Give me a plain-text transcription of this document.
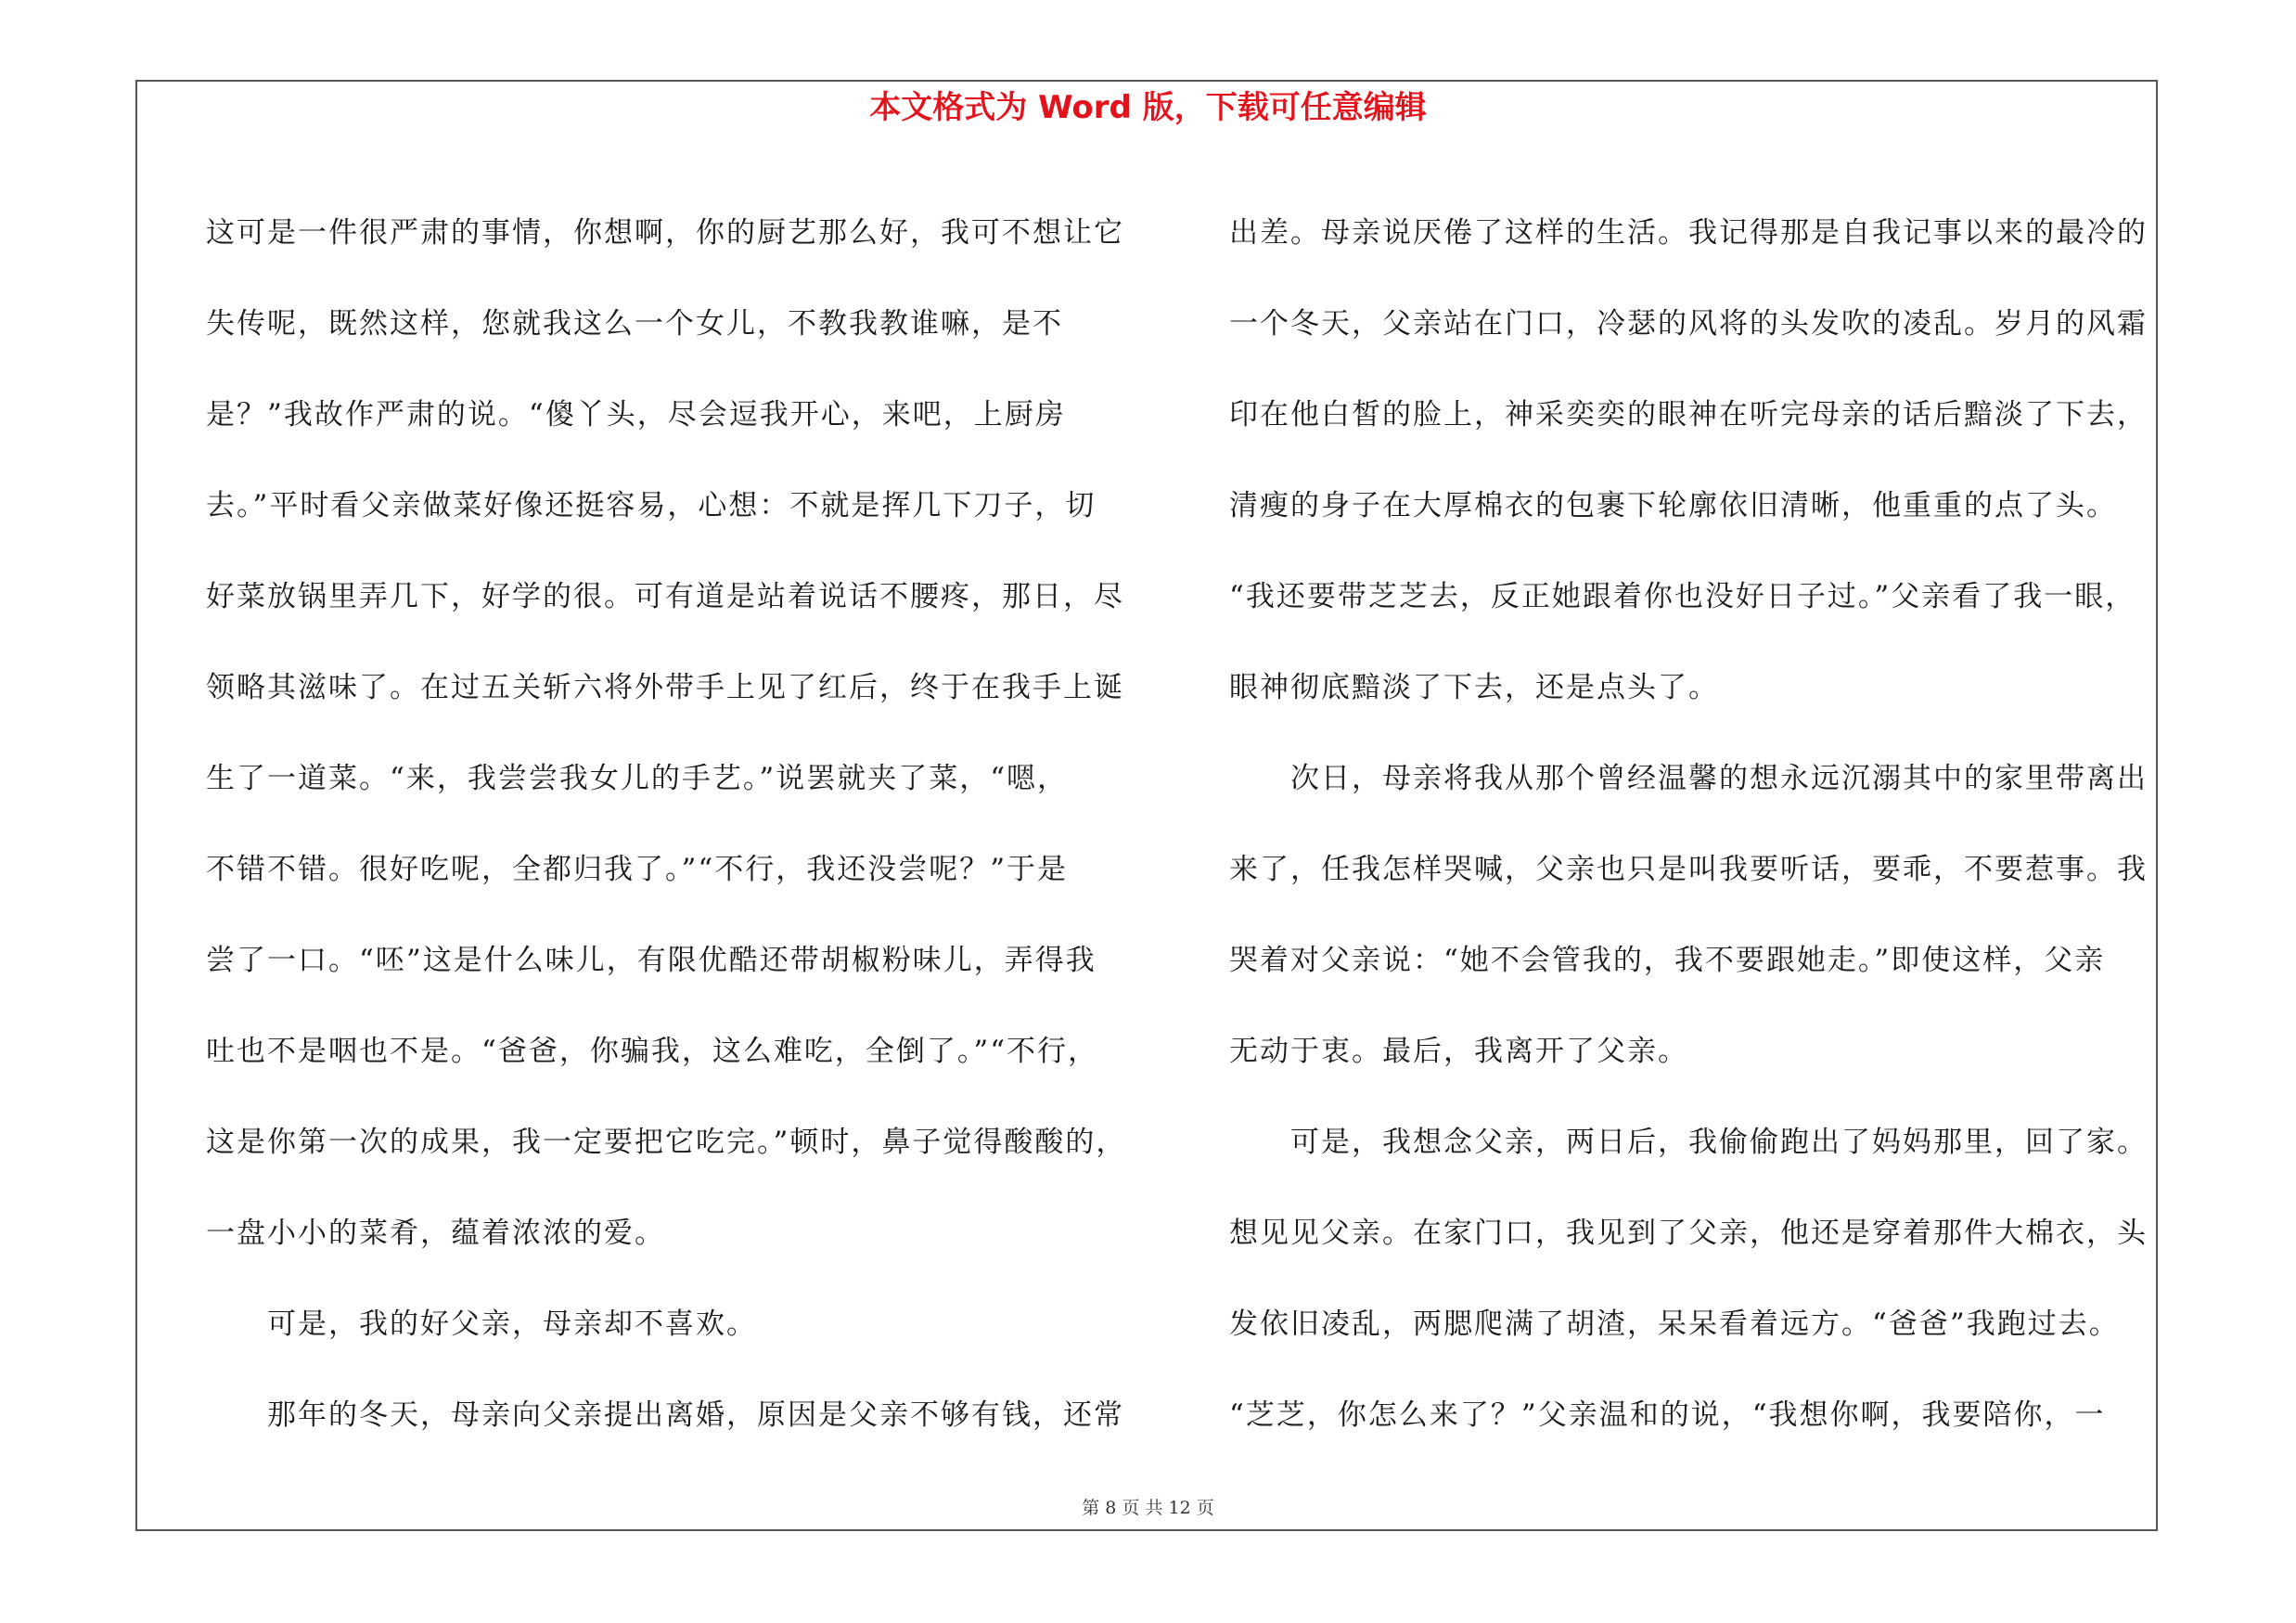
本文格式为 Word 版，下载可任意编辑
这可是一件很严肃的事情，你想啊，你的厨艺那么好，我可不想让它
失传呢，既然这样，您就我这么一个女儿，不教我教谁嘛，是不
是？”我故作严肃的说。“傻丫头，尽会逗我开心，来吧，上厨房
去。”平时看父亲做菜好像还挺容易，心想：不就是挥几下刀子，切
好菜放锅里弄几下，好学的很。可有道是站着说话不腰疼，那日，尽
领略其滋味了。在过五关斩六将外带手上见了红后，终于在我手上诞
生了一道菜。“来，我尝尝我女儿的手艺。”说罢就夹了菜，“嗯，
不错不错。很好吃呢，全都归我了。”“不行，我还没尝呢？”于是
尝了一口。“呸”这是什么味儿，有限优酷还带胡椒粉味儿，弄得我
吐也不是咽也不是。“爸爸，你骗我，这么难吃，全倒了。”“不行，
这是你第一次的成果，我一定要把它吃完。”顿时，鼻子觉得酸酸的，
一盘小小的菜肴，蕴着浓浓的爱。
　　可是，我的好父亲，母亲却不喜欢。
　　那年的冬天，母亲向父亲提出离婚，原因是父亲不够有钱，还常
出差。母亲说厌倦了这样的生活。我记得那是自我记事以来的最冷的
一个冬天，父亲站在门口，冷瑟的风将的头发吹的凌乱。岁月的风霜
印在他白皙的脸上，神采奕奕的眼神在听完母亲的话后黯淡了下去，
清瘦的身子在大厚棉衣的包裹下轮廓依旧清晰，他重重的点了头。
“我还要带芝芝去，反正她跟着你也没好日子过。”父亲看了我一眼，
眼神彻底黯淡了下去，还是点头了。
　　次日，母亲将我从那个曾经温馨的想永远沉溺其中的家里带离出
来了，任我怎样哭喊，父亲也只是叫我要听话，要乖，不要惹事。我
哭着对父亲说：“她不会管我的，我不要跟她走。”即使这样，父亲
无动于衷。最后，我离开了父亲。
　　可是，我想念父亲，两日后，我偷偷跑出了妈妈那里，回了家。
想见见父亲。在家门口，我见到了父亲，他还是穿着那件大棉衣，头
发依旧凌乱，两腮爬满了胡渣，呆呆看着远方。“爸爸”我跑过去。
“芝芝，你怎么来了？”父亲温和的说，“我想你啊，我要陪你，一
第 8 页 共 12 页
